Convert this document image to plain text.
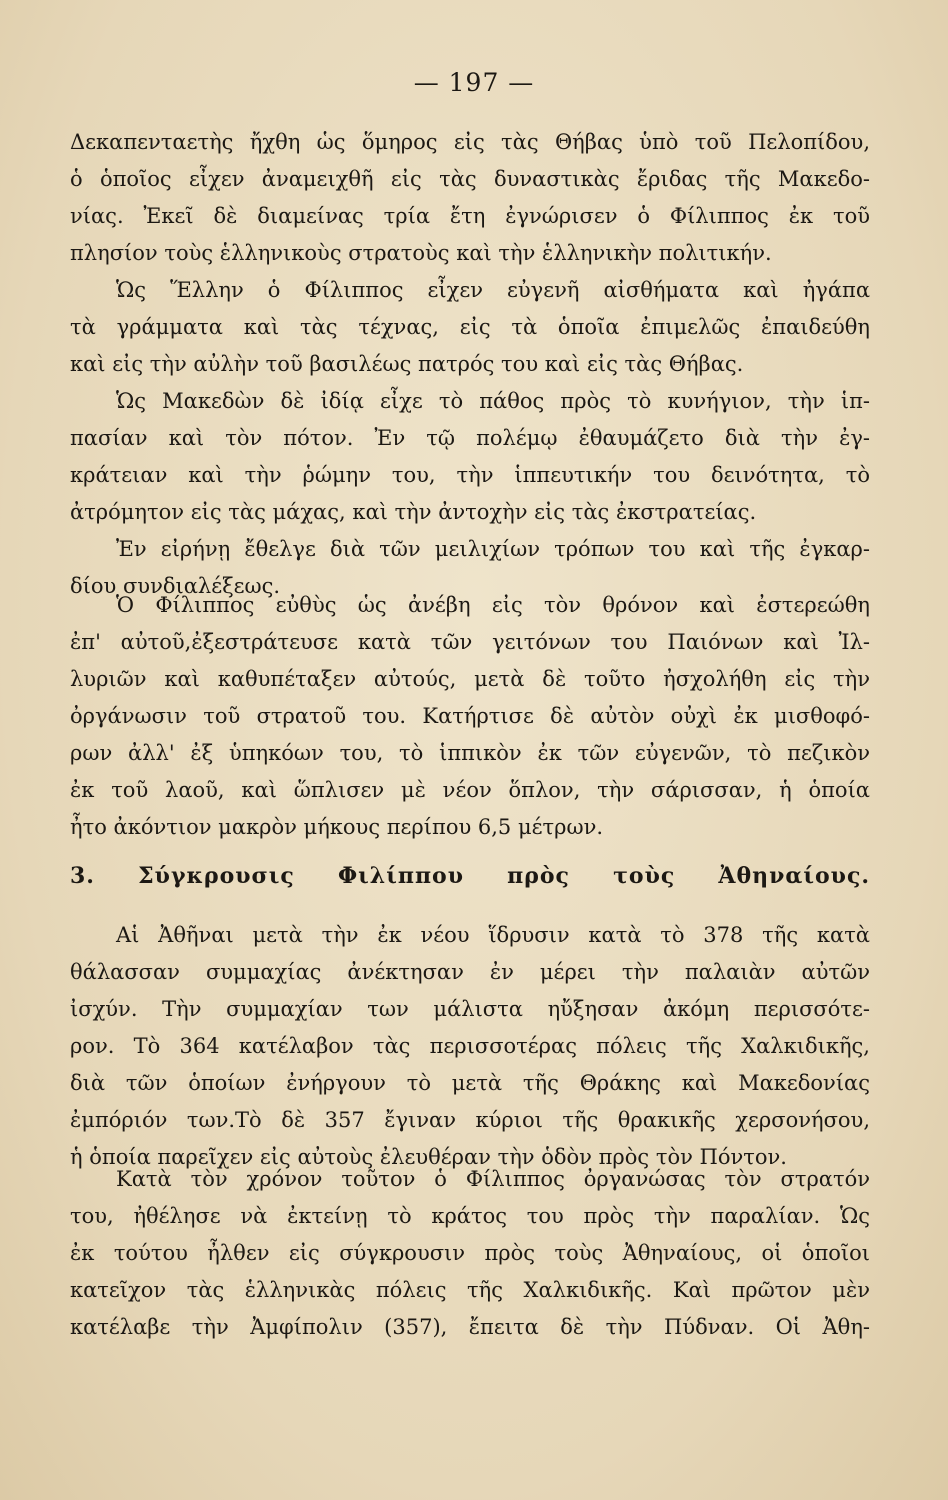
— 197 —
Δεκαπενταετὴς ἤχθη ὡς ὅμηρος εἰς τὰς Θήβας ὑπὸ τοῦ Πελοπίδου,
ὁ ὁποῖος εἶχεν ἀναμειχθῆ εἰς τὰς δυναστικὰς ἔριδας τῆς Μακεδο-
νίας. Ἐκεῖ δὲ διαμείνας τρία ἔτη ἐγνώρισεν ὁ Φίλιππος ἐκ τοῦ
πλησίον τοὺς ἑλληνικοὺς στρατοὺς καὶ τὴν ἑλληνικὴν πολιτικήν.
Ὡς Ἕλλην ὁ Φίλιππος εἶχεν εὐγενῆ αἰσθήματα καὶ ἠγάπα
τὰ γράμματα καὶ τὰς τέχνας, εἰς τὰ ὁποῖα ἐπιμελῶς ἐπαιδεύθη
καὶ εἰς τὴν αὐλὴν τοῦ βασιλέως πατρός του καὶ εἰς τὰς Θήβας.
Ὡς Μακεδὼν δὲ ἰδίᾳ εἶχε τὸ πάθος πρὸς τὸ κυνήγιον, τὴν ἱπ-
πασίαν καὶ τὸν πότον. Ἐν τῷ πολέμῳ ἐθαυμάζετο διὰ τὴν ἐγ-
κράτειαν καὶ τὴν ῥώμην του, τὴν ἱππευτικήν του δεινότητα, τὸ
ἀτρόμητον εἰς τὰς μάχας, καὶ τὴν ἀντοχὴν εἰς τὰς ἐκστρατείας.
Ἐν εἰρήνῃ ἔθελγε διὰ τῶν μειλιχίων τρόπων του καὶ τῆς ἐγκαρ-
δίου συνδιαλέξεως.
Ὁ Φίλιππος εὐθὺς ὡς ἀνέβη εἰς τὸν θρόνον καὶ ἐστερεώθη
ἐπ' αὐτοῦ,ἐξεστράτευσε κατὰ τῶν γειτόνων του Παιόνων καὶ Ἰλ-
λυριῶν καὶ καθυπέταξεν αὐτούς, μετὰ δὲ τοῦτο ἠσχολήθη εἰς τὴν
ὀργάνωσιν τοῦ στρατοῦ του. Κατήρτισε δὲ αὐτὸν οὐχὶ ἐκ μισθοφό-
ρων ἀλλ' ἐξ ὑπηκόων του, τὸ ἱππικὸν ἐκ τῶν εὐγενῶν, τὸ πεζικὸν
ἐκ τοῦ λαοῦ, καὶ ὥπλισεν μὲ νέον ὅπλον, τὴν σάρισσαν, ἡ ὁποία
ἦτο ἀκόντιον μακρὸν μήκους περίπου 6,5 μέτρων.
3. Σύγκρουσις Φιλίππου πρὸς τοὺς Ἀθηναίους.
Αἱ Ἀθῆναι μετὰ τὴν ἐκ νέου ἵδρυσιν κατὰ τὸ 378 τῆς κατὰ
θάλασσαν συμμαχίας ἀνέκτησαν ἐν μέρει τὴν παλαιὰν αὐτῶν
ἰσχύν. Τὴν συμμαχίαν των μάλιστα ηὔξησαν ἀκόμη περισσότε-
ρον. Τὸ 364 κατέλαβον τὰς περισσοτέρας πόλεις τῆς Χαλκιδικῆς,
διὰ τῶν ὁποίων ἐνήργουν τὸ μετὰ τῆς Θράκης καὶ Μακεδονίας
ἐμπόριόν των.Τὸ δὲ 357 ἔγιναν κύριοι τῆς θρακικῆς χερσονήσου,
ἡ ὁποία παρεῖχεν εἰς αὐτοὺς ἐλευθέραν τὴν ὁδὸν πρὸς τὸν Πόντον.
Κατὰ τὸν χρόνον τοῦτον ὁ Φίλιππος ὀργανώσας τὸν στρατόν
του, ἠθέλησε νὰ ἐκτείνῃ τὸ κράτος του πρὸς τὴν παραλίαν. Ὡς
ἐκ τούτου ἦλθεν εἰς σύγκρουσιν πρὸς τοὺς Ἀθηναίους, οἱ ὁποῖοι
κατεῖχον τὰς ἑλληνικὰς πόλεις τῆς Χαλκιδικῆς. Καὶ πρῶτον μὲν
κατέλαβε τὴν Ἀμφίπολιν (357), ἔπειτα δὲ τὴν Πύδναν. Οἱ Ἀθη-
